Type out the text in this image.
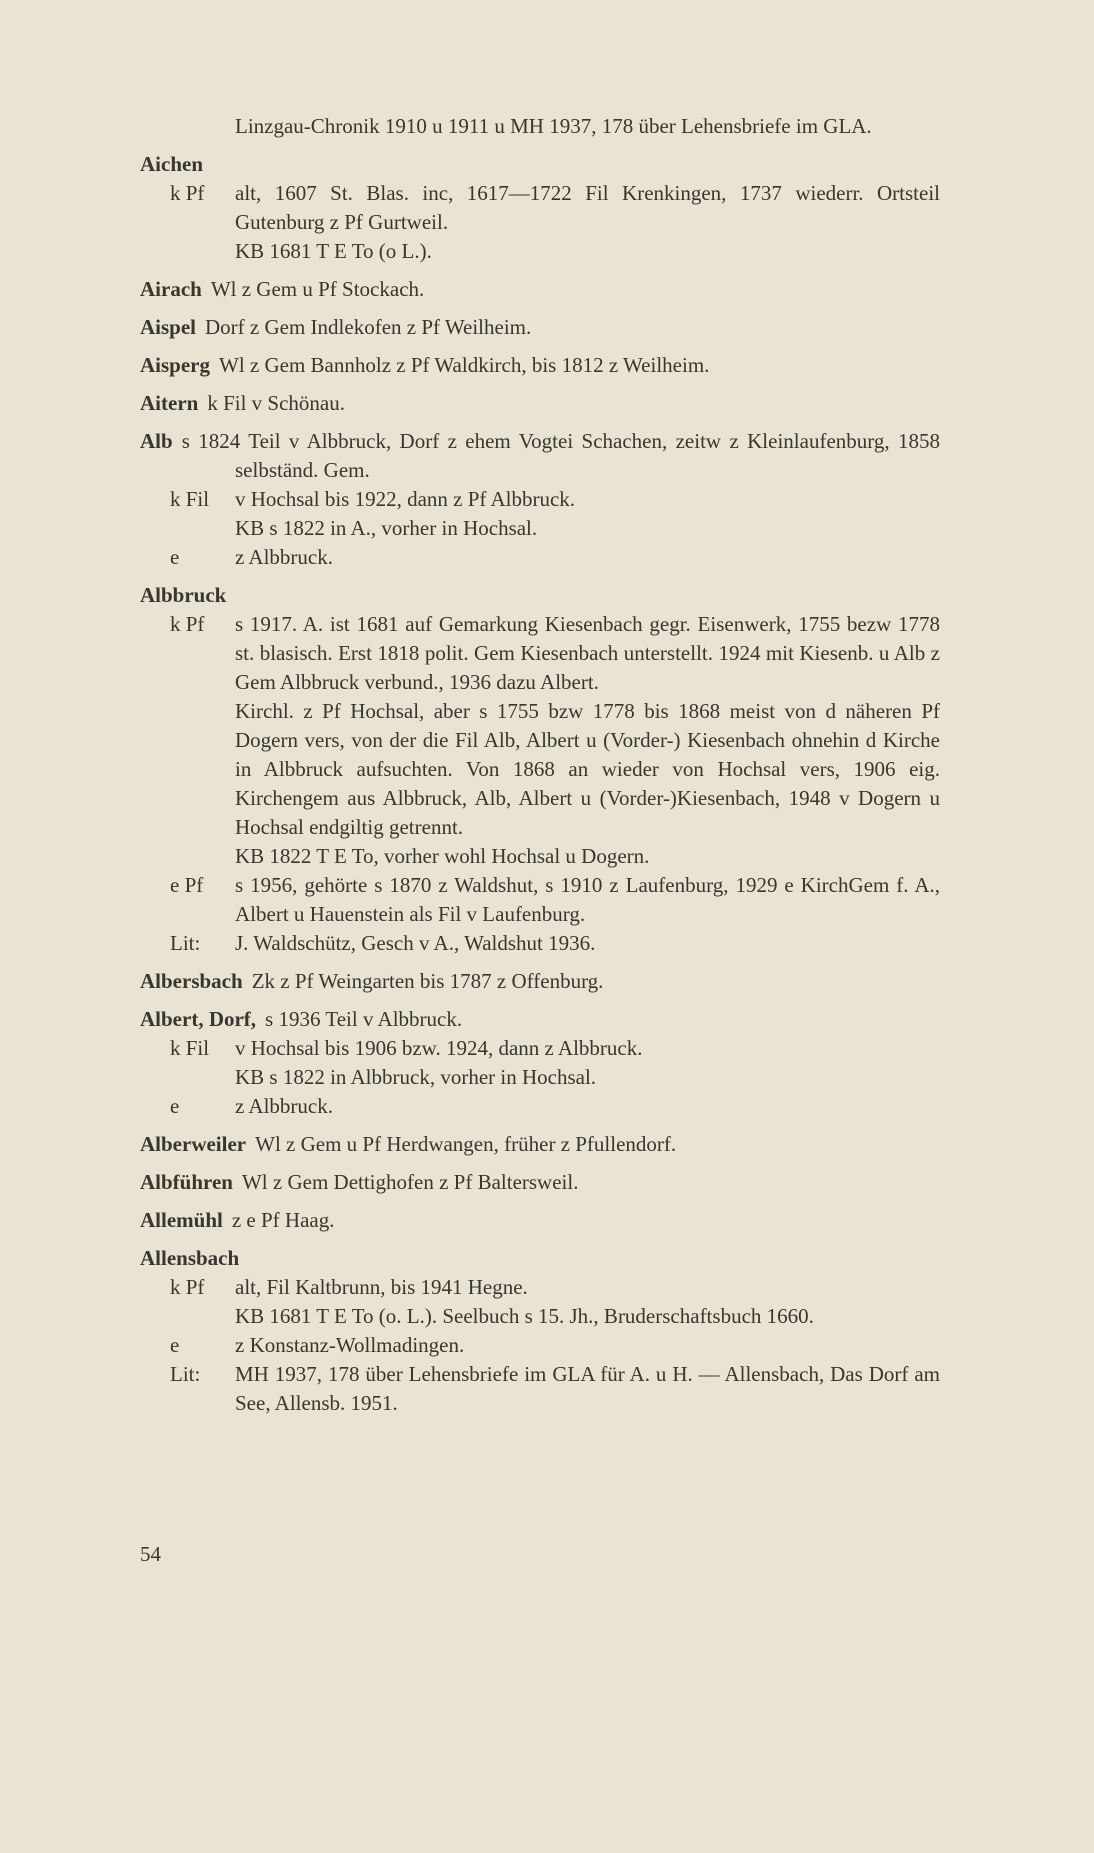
Linzgau-Chronik 1910 u 1911 u MH 1937, 178 über Lehensbriefe im GLA.

Aichen

k Pf alt, 1607 St. Blas. inc, 1617—1722 Fil Krenkingen, 1737 wiederr. Ortsteil Gutenburg z Pf Gurtweil.

KB 1681 T E To (o L.).

Airach Wl z Gem u Pf Stockach.

Aispel Dorf z Gem Indlekofen z Pf Weilheim.

Aisperg Wl z Gem Bannholz z Pf Waldkirch, bis 1812 z Weilheim.

Aitern k Fil v Schönau.

Alb s 1824 Teil v Albbruck, Dorf z ehem Vogtei Schachen, zeitw z Kleinlaufenburg, 1858 selbständ. Gem.

k Fil v Hochsal bis 1922, dann z Pf Albbruck.

KB s 1822 in A., vorher in Hochsal.

e	z Albbruck.

Albbruck

k Pf s 1917. A. ist 1681 auf Gemarkung Kiesenbach gegr. Eisenwerk, 1755 bezw 1778 st. blasisch. Erst 1818 polit. Gem Kiesenbach unterstellt. 1924 mit Kiesenb. u Alb z Gem Albbruck verbund., 1936 dazu Albert.

Kirchl. z Pf Hochsal, aber s 1755 bzw 1778 bis 1868 meist von d näheren Pf Dogern vers, von der die Fil Alb, Albert u (Vorder-) Kiesenbach ohnehin d Kirche in Albbruck aufsuchten. Von 1868 an wieder von Hochsal vers, 1906 eig. Kirchengem aus Albbruck, Alb, Albert u (Vorder-)Kiesenbach, 1948 v Dogern u Hochsal endgiltig getrennt.

KB 1822 T E To, vorher wohl Hochsal u Dogern.

e Pf s 1956, gehörte s 1870 z Waldshut, s 1910 z Laufenburg, 1929 e KirchGem f. A., Albert u Hauenstein als Fil v Laufenburg.

Lit: J. Waldschütz, Gesch v A., Waldshut 1936.

Albersbach Zk z Pf Weingarten bis 1787 z Offenburg.

Albert, Dorf, s 1936 Teil v Albbruck.

k Fil v Hochsal bis 1906 bzw. 1924, dann z Albbruck.

KB s 1822 in Albbruck, vorher in Hochsal.

e	z Albbruck.

Alberweiler Wl z Gem u Pf Herdwangen, früher z Pfullendorf.

Albführen Wl z Gem Dettighofen z Pf Baltersweil.

Allemühl z e Pf Haag.

Allensbach

k Pf alt, Fil Kaltbrunn, bis 1941 Hegne.

KB 1681 T E To (o. L.). Seelbuch s 15. Jh., Bruderschaftsbuch 1660.

e	z Konstanz-Wollmadingen.

Lit: MH 1937, 178 über Lehensbriefe im GLA für A. u H. — Allensbach, Das Dorf am See, Allensb. 1951.

54
